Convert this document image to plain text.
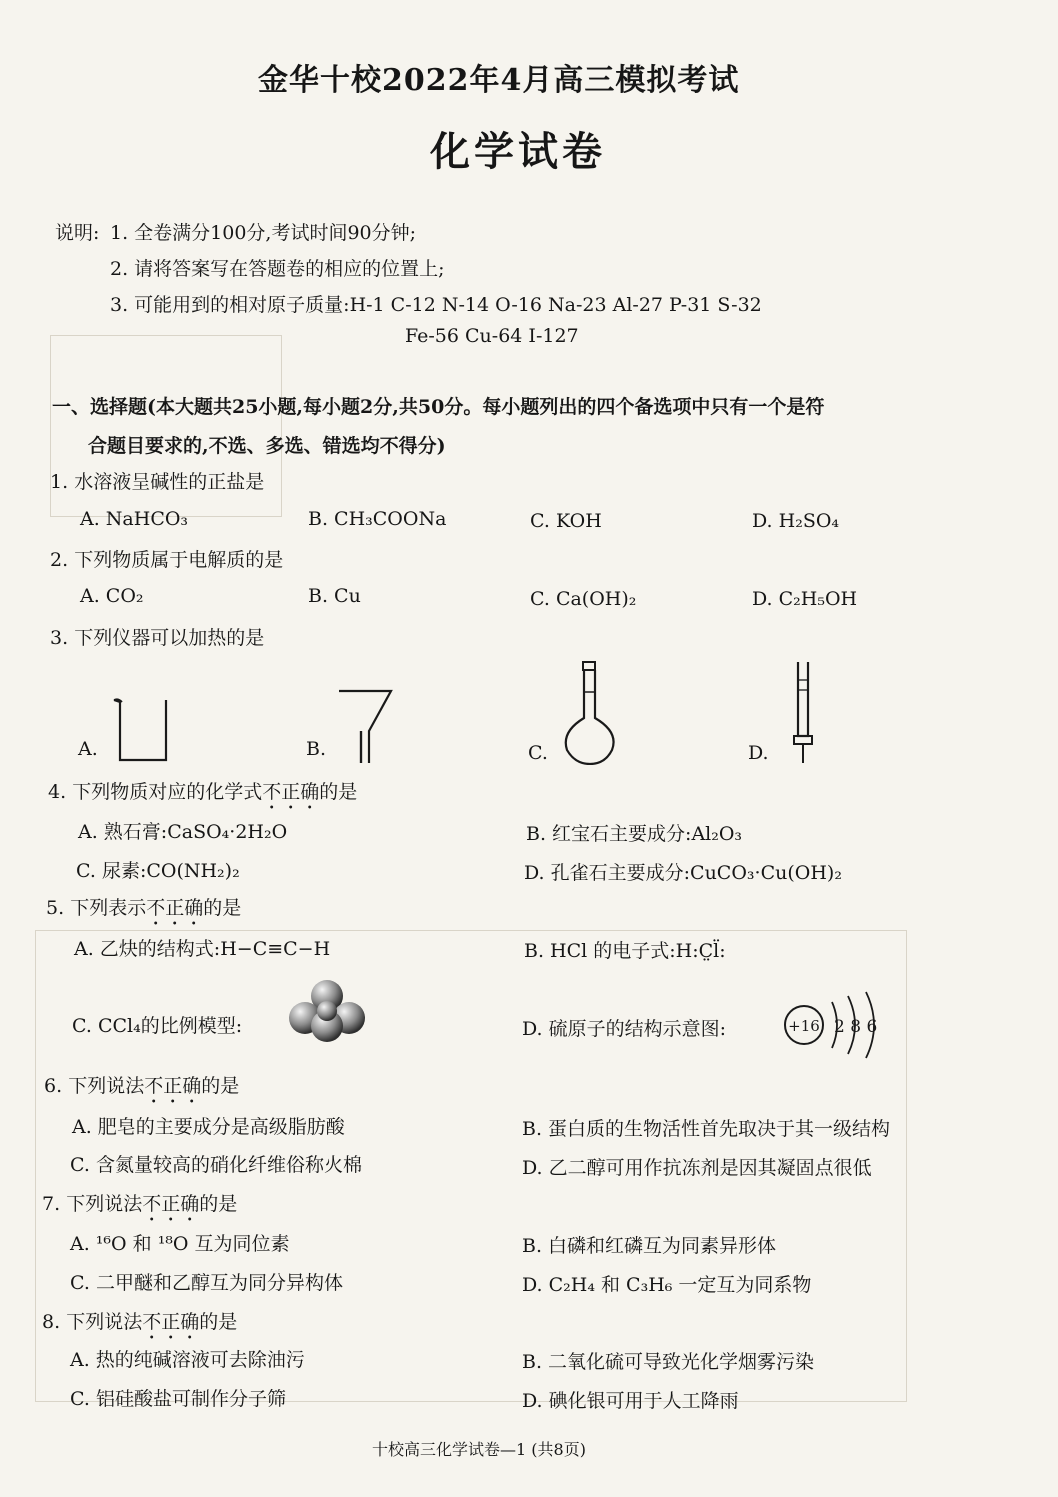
金华十校2022年4月高三模拟考试
化学试卷
说明: 1. 全卷满分100分,考试时间90分钟;
2. 请将答案写在答题卷的相应的位置上;
3. 可能用到的相对原子质量:H-1 C-12 N-14 O-16 Na-23 Al-27 P-31 S-32
Fe-56 Cu-64 I-127
一、选择题(本大题共25小题,每小题2分,共50分。每小题列出的四个备选项中只有一个是符
合题目要求的,不选、多选、错选均不得分)
1. 水溶液呈碱性的正盐是
A. NaHCO₃	B. CH₃COONa	C. KOH	D. H₂SO₄
2. 下列物质属于电解质的是
A. CO₂	B. Cu	C. Ca(OH)₂	D. C₂H₅OH
3. 下列仪器可以加热的是
A.	B.	C.	D.
4. 下列物质对应的化学式不正确的是
A. 熟石膏:CaSO₄·2H₂O	B. 红宝石主要成分:Al₂O₃
C. 尿素:CO(NH₂)₂	D. 孔雀石主要成分:CuCO₃·Cu(OH)₂
5. 下列表示不正确的是
A. 乙炔的结构式:H−C≡C−H	B. HCl 的电子式:H:C̤l̈:
C. CCl₄的比例模型:	D. 硫原子的结构示意图:	+16 2 8 6
6. 下列说法不正确的是
A. 肥皂的主要成分是高级脂肪酸	B. 蛋白质的生物活性首先取决于其一级结构
C. 含氮量较高的硝化纤维俗称火棉	D. 乙二醇可用作抗冻剂是因其凝固点很低
7. 下列说法不正确的是
A. ¹⁶O 和 ¹⁸O 互为同位素	B. 白磷和红磷互为同素异形体
C. 二甲醚和乙醇互为同分异构体	D. C₂H₄ 和 C₃H₆ 一定互为同系物
8. 下列说法不正确的是
A. 热的纯碱溶液可去除油污	B. 二氧化硫可导致光化学烟雾污染
C. 铝硅酸盐可制作分子筛	D. 碘化银可用于人工降雨
十校高三化学试卷—1 (共8页)
